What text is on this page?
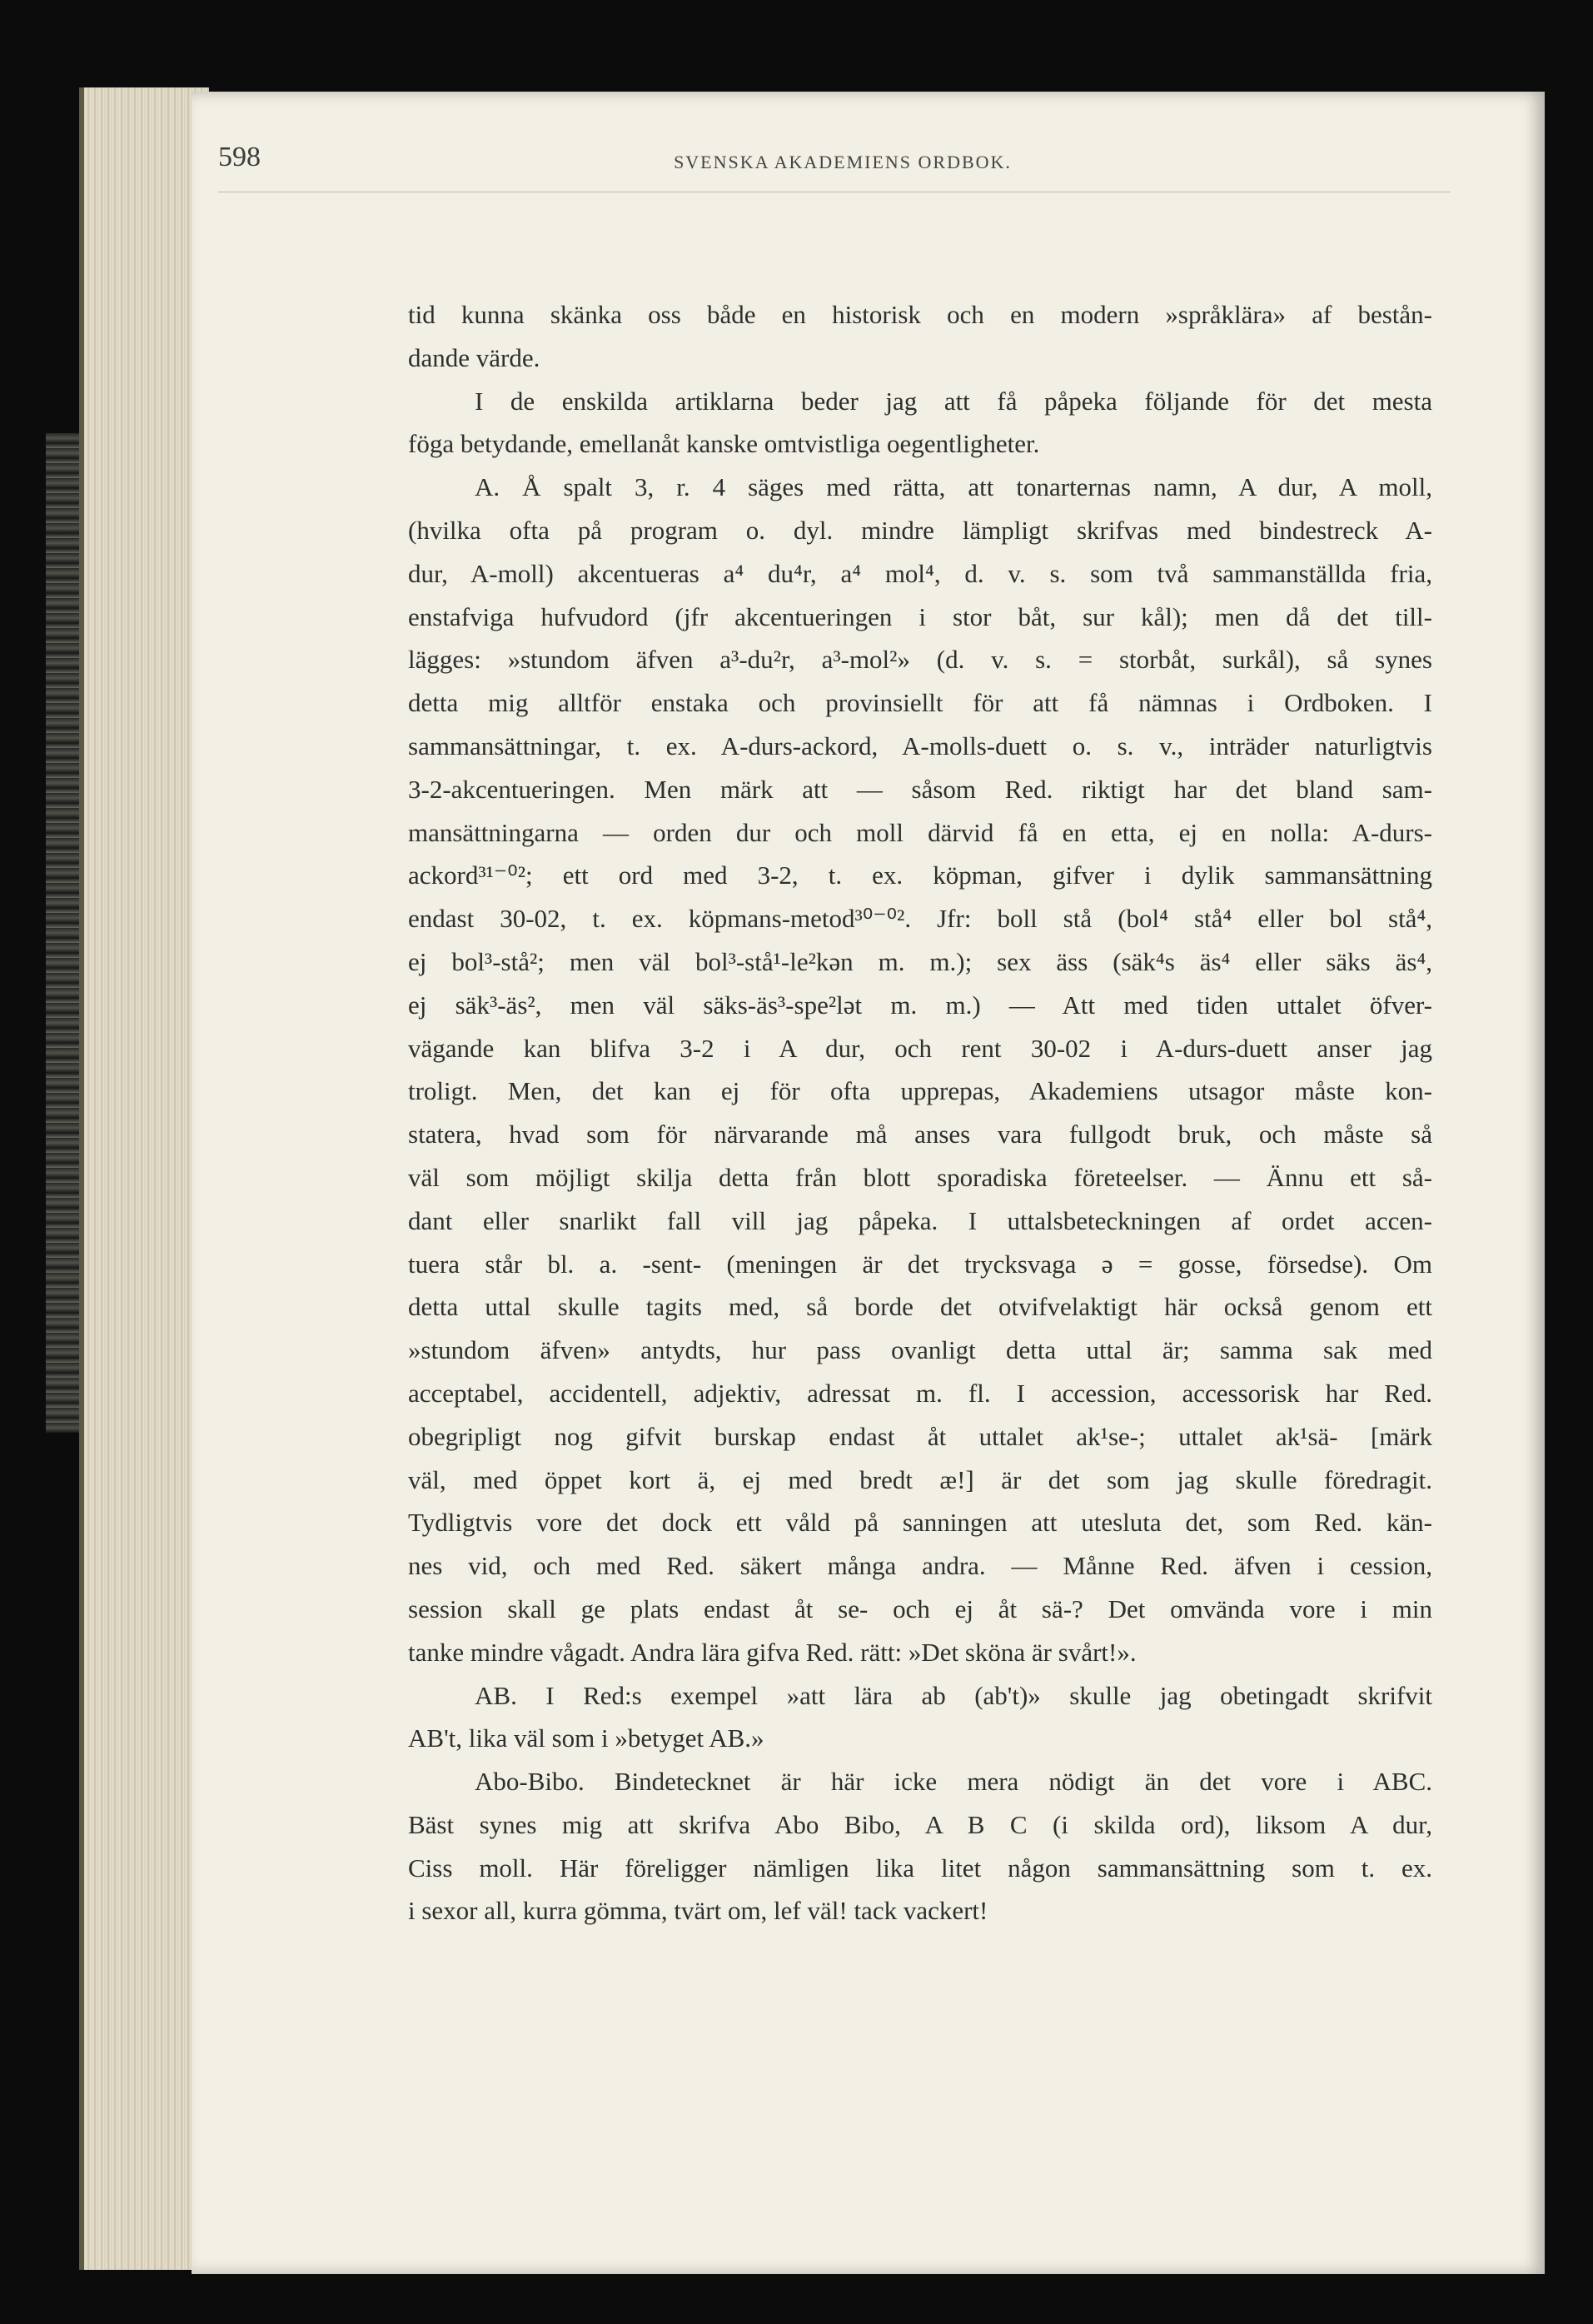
598	SVENSKA AKADEMIENS ORDBOK.
tid kunna skänka oss både en historisk och en modern »språklära» af bestån-
dande värde.
I de enskilda artiklarna beder jag att få påpeka följande för det mesta
föga betydande, emellanåt kanske omtvistliga oegentligheter.
A. Å spalt 3, r. 4 säges med rätta, att tonarternas namn, A dur, A moll,
(hvilka ofta på program o. dyl. mindre lämpligt skrifvas med bindestreck A-
dur, A-moll) akcentueras a⁴ du⁴r, a⁴ mol⁴, d. v. s. som två sammanställda fria,
enstafviga hufvudord (jfr akcentueringen i stor båt, sur kål); men då det till-
lägges: »stundom äfven a³-du²r, a³-mol²» (d. v. s. = storbåt, surkål), så synes
detta mig alltför enstaka och provinsiellt för att få nämnas i Ordboken. I
sammansättningar, t. ex. A-durs-ackord, A-molls-duett o. s. v., inträder naturligtvis
3-2-akcentueringen. Men märk att — såsom Red. riktigt har det bland sam-
mansättningarna — orden dur och moll därvid få en etta, ej en nolla: A-durs-
ackord³¹⁻⁰²; ett ord med 3-2, t. ex. köpman, gifver i dylik sammansättning
endast 30-02, t. ex. köpmans-metod³⁰⁻⁰². Jfr: boll stå (bol⁴ stå⁴ eller bol stå⁴,
ej bol³-stå²; men väl bol³-stå¹-le²kən m. m.); sex äss (säk⁴s äs⁴ eller säks äs⁴,
ej säk³-äs², men väl säks-äs³-spe²lət m. m.) — Att med tiden uttalet öfver-
vägande kan blifva 3-2 i A dur, och rent 30-02 i A-durs-duett anser jag
troligt. Men, det kan ej för ofta upprepas, Akademiens utsagor måste kon-
statera, hvad som för närvarande må anses vara fullgodt bruk, och måste så
väl som möjligt skilja detta från blott sporadiska företeelser. — Ännu ett så-
dant eller snarlikt fall vill jag påpeka. I uttalsbeteckningen af ordet accen-
tuera står bl. a. -sent- (meningen är det trycksvaga ə = gosse, försedse). Om
detta uttal skulle tagits med, så borde det otvifvelaktigt här också genom ett
»stundom äfven» antydts, hur pass ovanligt detta uttal är; samma sak med
acceptabel, accidentell, adjektiv, adressat m. fl. I accession, accessorisk har Red.
obegripligt nog gifvit burskap endast åt uttalet ak¹se-; uttalet ak¹sä- [märk
väl, med öppet kort ä, ej med bredt æ!] är det som jag skulle föredragit.
Tydligtvis vore det dock ett våld på sanningen att utesluta det, som Red. kän-
nes vid, och med Red. säkert många andra. — Månne Red. äfven i cession,
session skall ge plats endast åt se- och ej åt sä-? Det omvända vore i min
tanke mindre vågadt. Andra lära gifva Red. rätt: »Det sköna är svårt!».
AB. I Red:s exempel »att lära ab (ab't)» skulle jag obetingadt skrifvit
AB't, lika väl som i »betyget AB.»
Abo-Bibo. Bindetecknet är här icke mera nödigt än det vore i ABC.
Bäst synes mig att skrifva Abo Bibo, A B C (i skilda ord), liksom A dur,
Ciss moll. Här föreligger nämligen lika litet någon sammansättning som t. ex.
i sexor all, kurra gömma, tvärt om, lef väl! tack vackert!
